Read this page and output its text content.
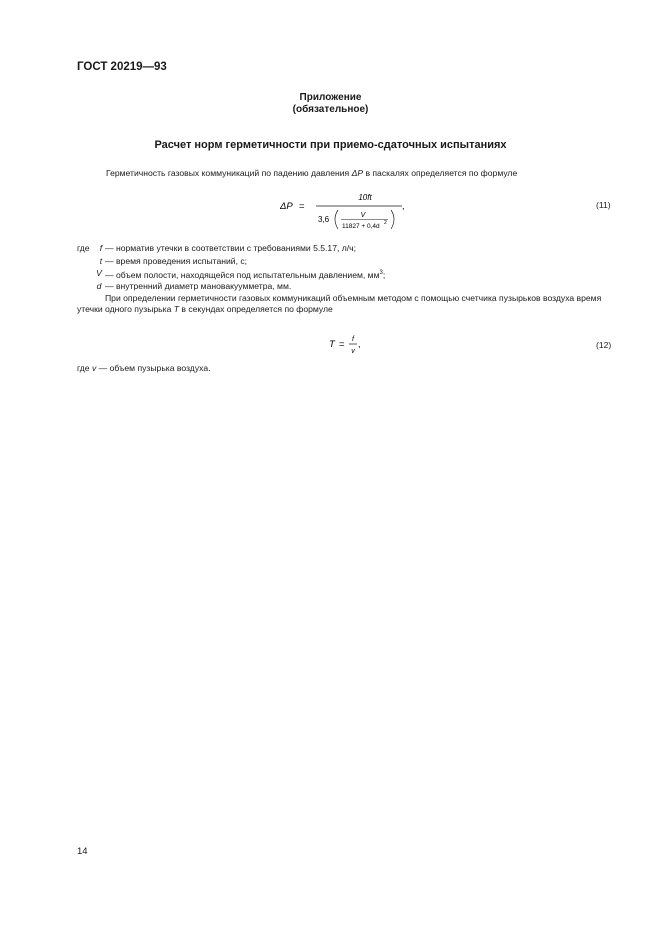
ГОСТ 20219—93
Приложение
(обязательное)
Расчет норм герметичности при приемо-сдаточных испытаниях
Герметичность газовых коммуникаций по падению давления ΔP в паскалях определяется по формуле
ΔP =
10ft
3,6	V
11827 + 0,4d 2
,	(11)
где	f — норматив утечки в соответствии с требованиями 5.5.17, л/ч;
t — время проведения испытаний, с;
V — объем полости, находящейся под испытательным давлением, $мм^3$;
d — внутренний диаметр мановакуумметра, мм.
При определении герметичности газовых коммуникаций объемным методом с помощью счетчика пузырьков воздуха время утечки одного пузырька T в секундах определяется по формуле
T = f
v
,	(12)
где v — объем пузырька воздуха.
14
